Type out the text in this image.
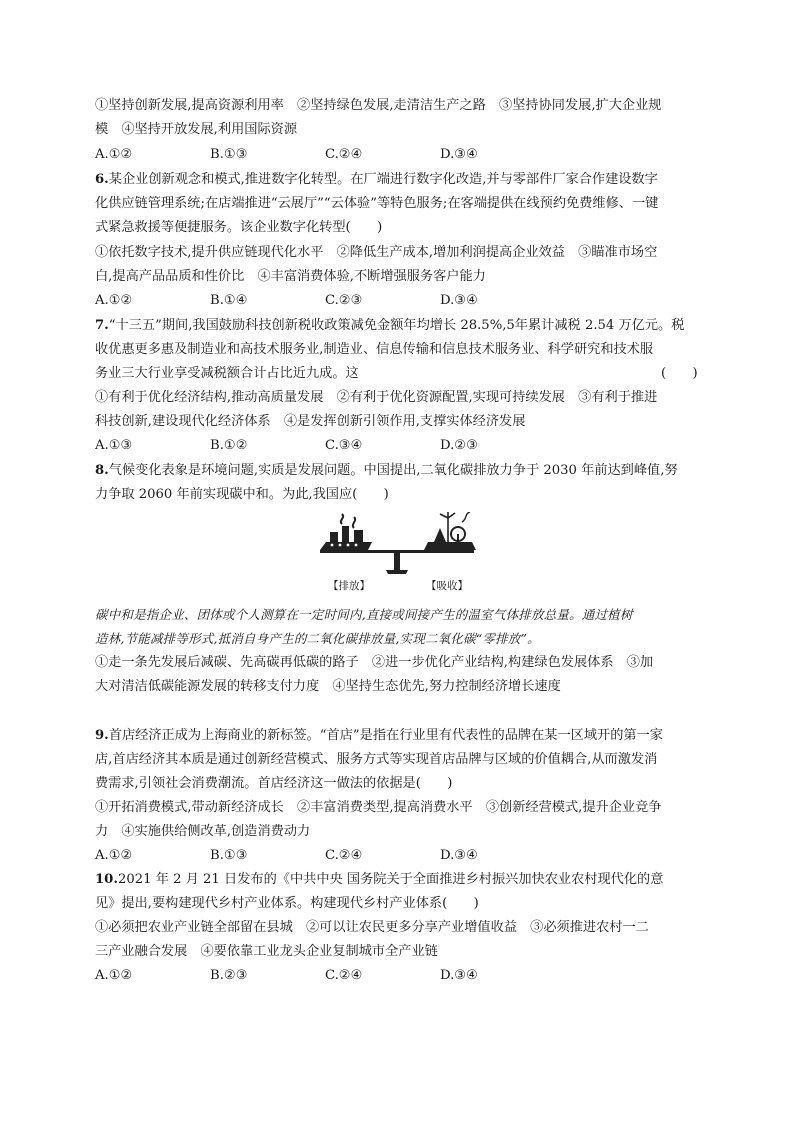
①坚持创新发展,提高资源利用率　②坚持绿色发展,走清洁生产之路　③坚持协同发展,扩大企业规
模　④坚持开放发展,利用国际资源
A.①②	B.①③	C.②④	D.③④
6.某企业创新观念和模式,推进数字化转型。在厂端进行数字化改造,并与零部件厂家合作建设数字
化供应链管理系统;在店端推进“云展厅”“云体验”等特色服务;在客端提供在线预约免费维修、一键
式紧急救援等便捷服务。该企业数字化转型(　　)
①依托数字技术,提升供应链现代化水平　②降低生产成本,增加利润提高企业效益　③瞄准市场空
白,提高产品品质和性价比　④丰富消费体验,不断增强服务客户能力
A.①②	B.①④	C.②③	D.③④
7.“十三五”期间,我国鼓励科技创新税收政策减免金额年均增长 28.5%,5年累计减税 2.54 万亿元。税
收优惠更多惠及制造业和高技术服务业,制造业、信息传输和信息技术服务业、科学研究和技术服
务业三大行业享受减税额合计占比近九成。这	(　　)
①有利于优化经济结构,推动高质量发展　②有利于优化资源配置,实现可持续发展　③有利于推进
科技创新,建设现代化经济体系　④是发挥创新引领作用,支撑实体经济发展
A.①③	B.①②	C.③④	D.②③
8.气候变化表象是环境问题,实质是发展问题。中国提出,二氧化碳排放力争于 2030 年前达到峰值,努
力争取 2060 年前实现碳中和。为此,我国应(　　)
【排放】	【吸收】
碳中和是指企业、团体或个人测算在一定时间内,直接或间接产生的温室气体排放总量。通过植树
造林,节能减排等形式,抵消自身产生的二氧化碳排放量,实现二氧化碳“零排放”。
①走一条先发展后减碳、先高碳再低碳的路子　②进一步优化产业结构,构建绿色发展体系　③加
大对清洁低碳能源发展的转移支付力度　④坚持生态优先,努力控制经济增长速度
9.首店经济正成为上海商业的新标签。“首店”是指在行业里有代表性的品牌在某一区域开的第一家
店,首店经济其本质是通过创新经营模式、服务方式等实现首店品牌与区域的价值耦合,从而激发消
费需求,引领社会消费潮流。首店经济这一做法的依据是(　　)
①开拓消费模式,带动新经济成长　②丰富消费类型,提高消费水平　③创新经营模式,提升企业竞争
力　④实施供给侧改革,创造消费动力
A.①②	B.①③	C.②④	D.③④
10.2021 年 2 月 21 日发布的《中共中央 国务院关于全面推进乡村振兴加快农业农村现代化的意
见》提出,要构建现代乡村产业体系。构建现代乡村产业体系(　　)
①必须把农业产业链全部留在县城　②可以让农民更多分享产业增值收益　③必须推进农村一二
三产业融合发展　④要依靠工业龙头企业复制城市全产业链
A.①②	B.②③	C.②④	D.③④
